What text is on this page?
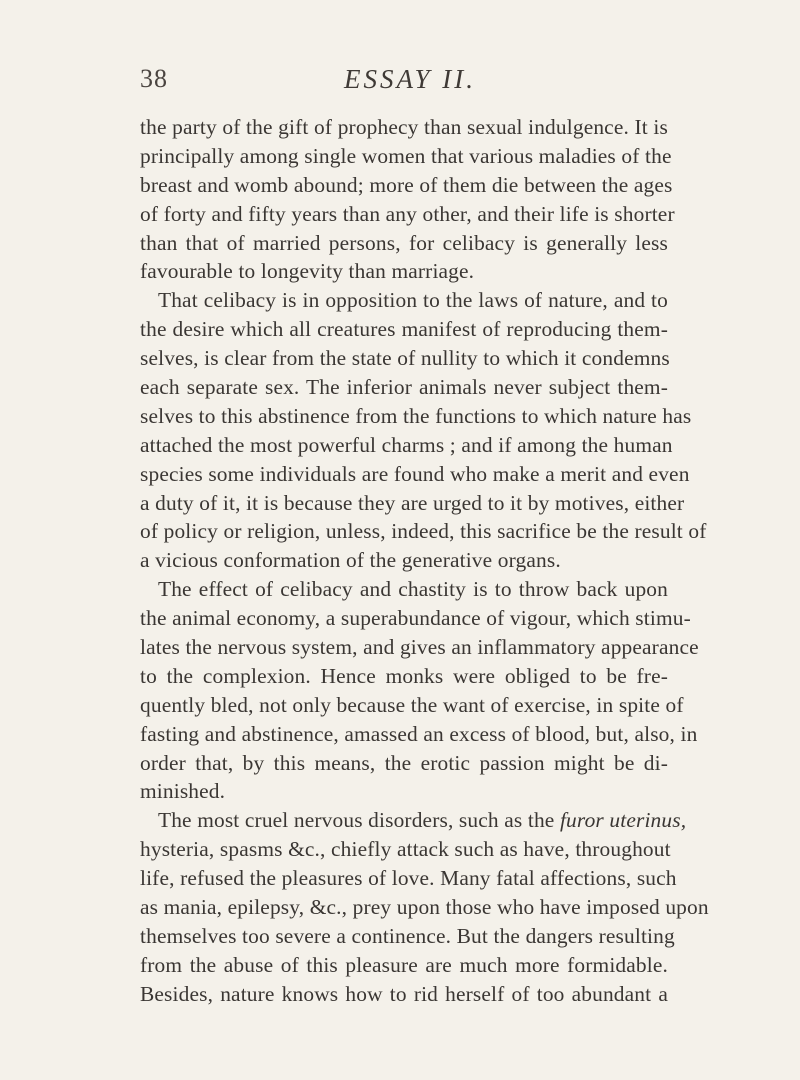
38	ESSAY II.
the party of the gift of prophecy than sexual indulgence. It is
principally among single women that various maladies of the
breast and womb abound; more of them die between the ages
of forty and fifty years than any other, and their life is shorter
than that of married persons, for celibacy is generally less
favourable to longevity than marriage.
That celibacy is in opposition to the laws of nature, and to
the desire which all creatures manifest of reproducing them-
selves, is clear from the state of nullity to which it condemns
each separate sex. The inferior animals never subject them-
selves to this abstinence from the functions to which nature has
attached the most powerful charms ; and if among the human
species some individuals are found who make a merit and even
a duty of it, it is because they are urged to it by motives, either
of policy or religion, unless, indeed, this sacrifice be the result of
a vicious conformation of the generative organs.
The effect of celibacy and chastity is to throw back upon
the animal economy, a superabundance of vigour, which stimu-
lates the nervous system, and gives an inflammatory appearance
to the complexion. Hence monks were obliged to be fre-
quently bled, not only because the want of exercise, in spite of
fasting and abstinence, amassed an excess of blood, but, also, in
order that, by this means, the erotic passion might be di-
minished.
The most cruel nervous disorders, such as the furor uterinus,
hysteria, spasms &c., chiefly attack such as have, throughout
life, refused the pleasures of love. Many fatal affections, such
as mania, epilepsy, &c., prey upon those who have imposed upon
themselves too severe a continence. But the dangers resulting
from the abuse of this pleasure are much more formidable.
Besides, nature knows how to rid herself of too abundant a
